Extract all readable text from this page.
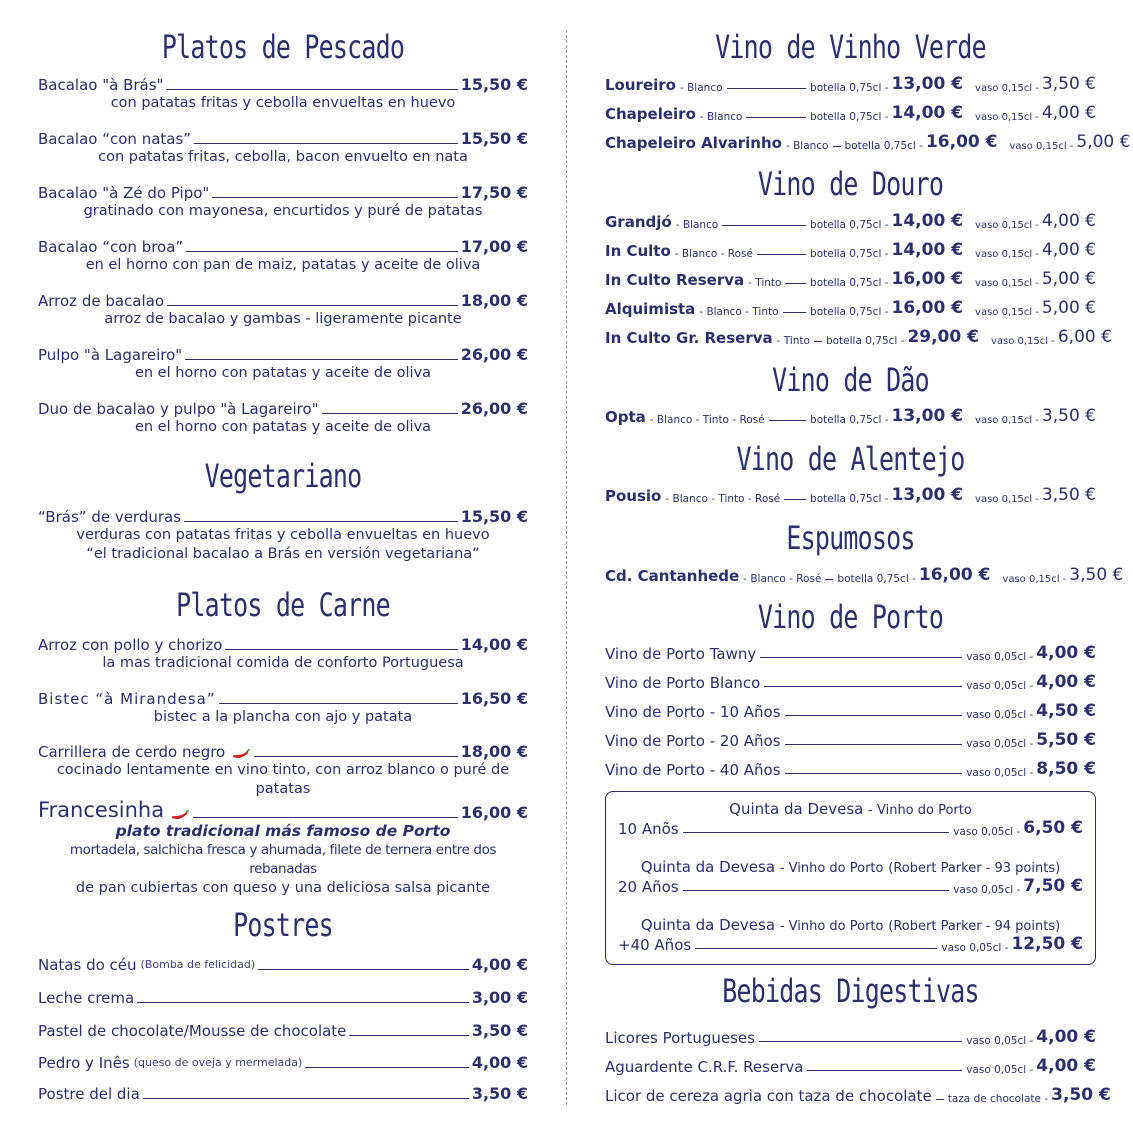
Platos de Pescado
Bacalao "à Brás"	15,50 €
con patatas fritas y cebolla envueltas en huevo
Bacalao “con natas”	15,50 €
con patatas fritas, cebolla, bacon envuelto en nata
Bacalao "à Zé do Pipo"	17,50 €
gratinado con mayonesa, encurtidos y puré de patatas
Bacalao “con broa”	17,00 €
en el horno con pan de maiz, patatas y aceite de oliva
Arroz de bacalao	18,00 €
arroz de bacalao y gambas - ligeramente picante
Pulpo "à Lagareiro"	26,00 €
en el horno con patatas y aceite de oliva
Duo de bacalao y pulpo "à Lagareiro"	26,00 €
en el horno con patatas y aceite de oliva
Vegetariano
“Brás” de verduras	15,50 €
verduras con patatas fritas y cebolla envueltas en huevo
“el tradicional bacalao a Brás en versión vegetariana”
Platos de Carne
Arroz con pollo y chorizo	14,00 €
la mas tradicional comida de conforto Portuguesa
Bistec “à Mirandesa”	16,50 €
bistec a la plancha con ajo y patata
Carrillera de cerdo negro	18,00 €
cocinado lentamente en vino tinto, con arroz blanco o puré de patatas
Francesinha	16,00 €
plato tradicional más famoso de Porto
mortadela, salchicha fresca y ahumada, filete de ternera entre dos rebanadas
de pan cubiertas con queso y una deliciosa salsa picante
Postres
Natas do céu (Bomba de felicidad)	4,00 €
Leche crema	3,00 €
Pastel de chocolate/Mousse de chocolate	3,50 €
Pedro y Inês (queso de oveja y mermelada)	4,00 €
Postre del dia	3,50 €
Vino de Vinho Verde
Loureiro - Blanco	botella 0,75cl - 13,00 € vaso 0,15cl - 3,50 €
Chapeleiro - Blanco	botella 0,75cl - 14,00 € vaso 0,15cl - 4,00 €
Chapeleiro Alvarinho - Blanco botella 0,75cl - 16,00 € vaso 0,15cl - 5,00 €
Vino de Douro
Grandjó - Blanco	botella 0,75cl - 14,00 € vaso 0,15cl - 4,00 €
In Culto - Blanco - Rosé	botella 0,75cl - 14,00 € vaso 0,15cl - 4,00 €
In Culto Reserva - Tinto	botella 0,75cl - 16,00 € vaso 0,15cl - 5,00 €
Alquimista - Blanco - Tinto	botella 0,75cl - 16,00 € vaso 0,15cl - 5,00 €
In Culto Gr. Reserva - Tinto botella 0,75cl - 29,00 € vaso 0,15cl - 6,00 €
Vino de Dão
Opta - Blanco - Tinto - Rosé	botella 0,75cl - 13,00 € vaso 0,15cl - 3,50 €
Vino de Alentejo
Pousio - Blanco - Tinto - Rosé	botella 0,75cl - 13,00 € vaso 0,15cl - 3,50 €
Espumosos
Cd. Cantanhede - Blanco - Rosé botella 0,75cl - 16,00 € vaso 0,15cl - 3,50 €
Vino de Porto
Vino de Porto Tawny	vaso 0,05cl - 4,00 €
Vino de Porto Blanco	vaso 0,05cl - 4,00 €
Vino de Porto - 10 Años	vaso 0,05cl - 4,50 €
Vino de Porto - 20 Años	vaso 0,05cl - 5,50 €
Vino de Porto - 40 Años	vaso 0,05cl - 8,50 €
Quinta da Devesa - Vinho do Porto
10 Anõs	vaso 0,05cl - 6,50 €
Quinta da Devesa - Vinho do Porto (Robert Parker - 93 points)
20 Años	vaso 0,05cl - 7,50 €
Quinta da Devesa - Vinho do Porto (Robert Parker - 94 points)
+40 Años	vaso 0,05cl - 12,50 €
Bebidas Digestivas
Licores Portugueses	vaso 0,05cl - 4,00 €
Aguardente C.R.F. Reserva	vaso 0,05cl - 4,00 €
Licor de cereza agria con taza de chocolate taza de chocolate - 3,50 €
